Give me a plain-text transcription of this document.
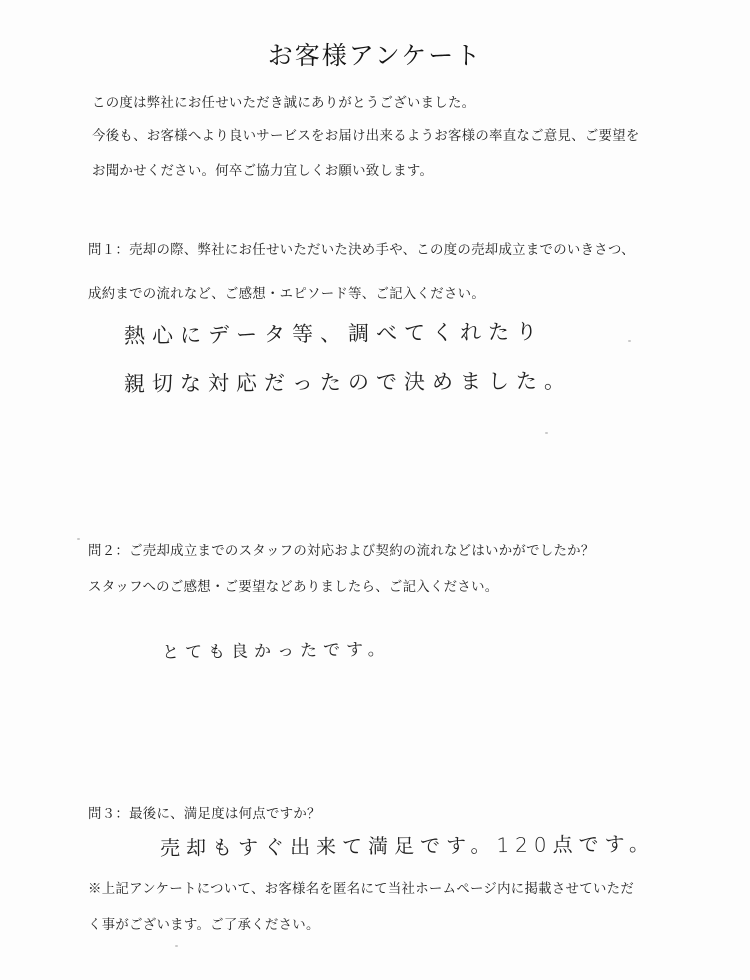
お客様アンケート
この度は弊社にお任せいただき誠にありがとうございました。
今後も、お客様へより良いサービスをお届け出来るようお客様の率直なご意見、ご要望を
お聞かせください。何卒ご協力宜しくお願い致します。
問１：売却の際、弊社にお任せいただいた決め手や、この度の売却成立までのいきさつ、
成約までの流れなど、ご感想・エピソード等、ご記入ください。
熱心にデータ等、調べてくれたり
親切な対応だったので決めました。
問２：ご売却成立までのスタッフの対応および契約の流れなどはいかがでしたか？
スタッフへのご感想・ご要望などありましたら、ご記入ください。
とても良かったです。
問３：最後に、満足度は何点ですか？
売却もすぐ出来て満足です。120点です。
※上記アンケートについて、お客様名を匿名にて当社ホームページ内に掲載させていただ
く事がございます。ご了承ください。
